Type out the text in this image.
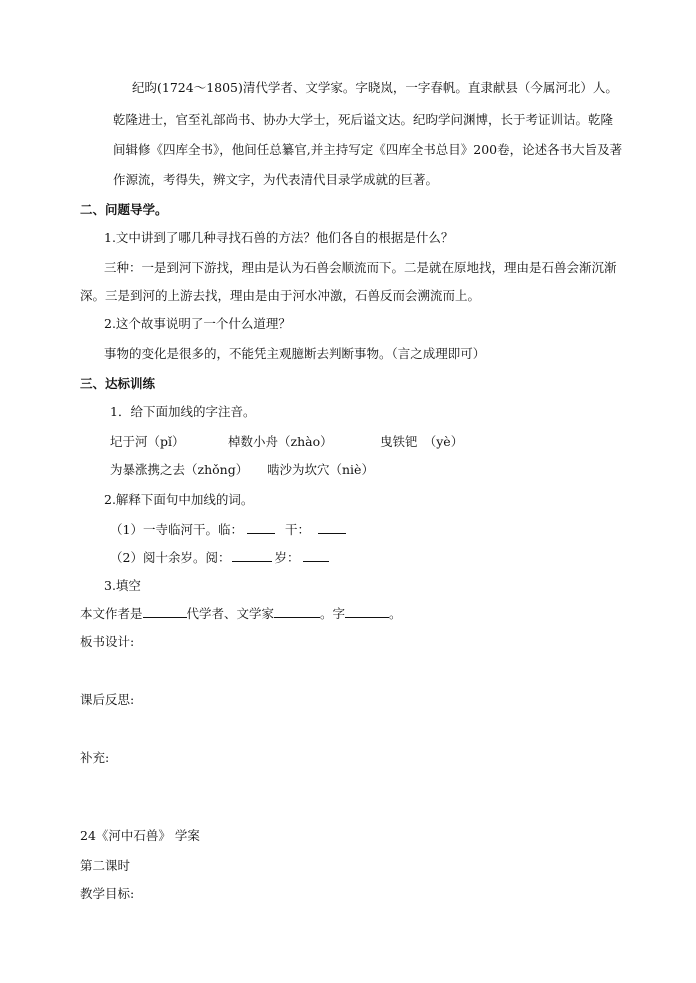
纪昀(1724～1805)清代学者、文学家。字晓岚，一字春帆。直隶献县（今属河北）人。
乾隆进士，官至礼部尚书、协办大学士，死后谥文达。纪昀学问渊博，长于考证训诂。乾隆
间辑修《四库全书》，他间任总纂官,并主持写定《四库全书总目》200卷，论述各书大旨及著
作源流，考得失，辨文字，为代表清代目录学成就的巨著。
二、问题导学。
1.文中讲到了哪几种寻找石兽的方法？他们各自的根据是什么？
三种：一是到河下游找，理由是认为石兽会顺流而下。二是就在原地找，理由是石兽会渐沉渐
深。三是到河的上游去找，理由是由于河水冲激，石兽反而会溯流而上。
2.这个故事说明了一个什么道理？
事物的变化是很多的，不能凭主观臆断去判断事物。（言之成理即可）
三、达标训练
1．给下面加线的字注音。
圮于河（pǐ）	棹数小舟（zhào）	曳铁钯　（yè）
为暴涨携之去（zhǒng） 啮沙为坎穴（niè）
2.解释下面句中加线的词。
（1）一寺临河干。临：	干：
（2）阅十余岁。阅：	岁：
3.填空
本文作者是	代学者、文学家	。字	。
板书设计:
课后反思:
补充:
24《河中石兽》 学案
第二课时
教学目标:
